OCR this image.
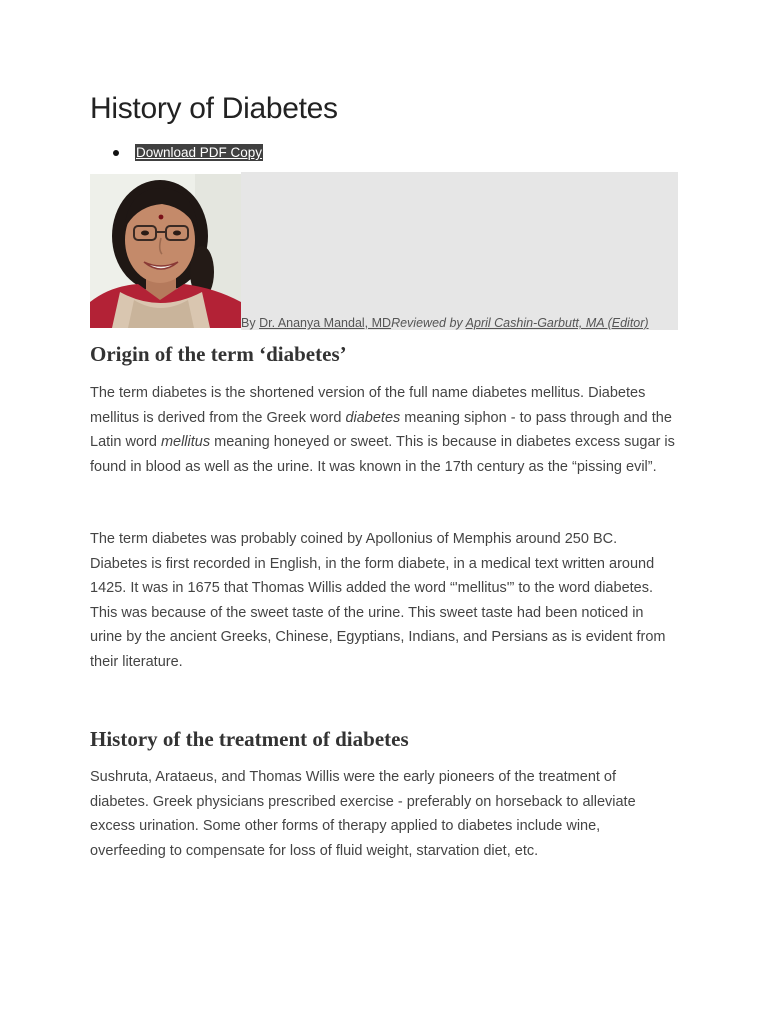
History of Diabetes
Download PDF Copy
By Dr. Ananya Mandal, MDReviewed by April Cashin-Garbutt, MA (Editor)
Origin of the term ‘diabetes’

The term diabetes is the shortened version of the full name diabetes mellitus. Diabetes mellitus is derived from the Greek word diabetes meaning siphon - to pass through and the Latin word mellitus meaning honeyed or sweet. This is because in diabetes excess sugar is found in blood as well as the urine. It was known in the 17th century as the “pissing evil”.

The term diabetes was probably coined by Apollonius of Memphis around 250 BC. Diabetes is first recorded in English, in the form diabete, in a medical text written around 1425. It was in 1675 that Thomas Willis added the word “'mellitus'” to the word diabetes. This was because of the sweet taste of the urine. This sweet taste had been noticed in urine by the ancient Greeks, Chinese, Egyptians, Indians, and Persians as is evident from their literature.

History of the treatment of diabetes

Sushruta, Arataeus, and Thomas Willis were the early pioneers of the treatment of diabetes. Greek physicians prescribed exercise - preferably on horseback to alleviate excess urination. Some other forms of therapy applied to diabetes include wine, overfeeding to compensate for loss of fluid weight, starvation diet, etc.
